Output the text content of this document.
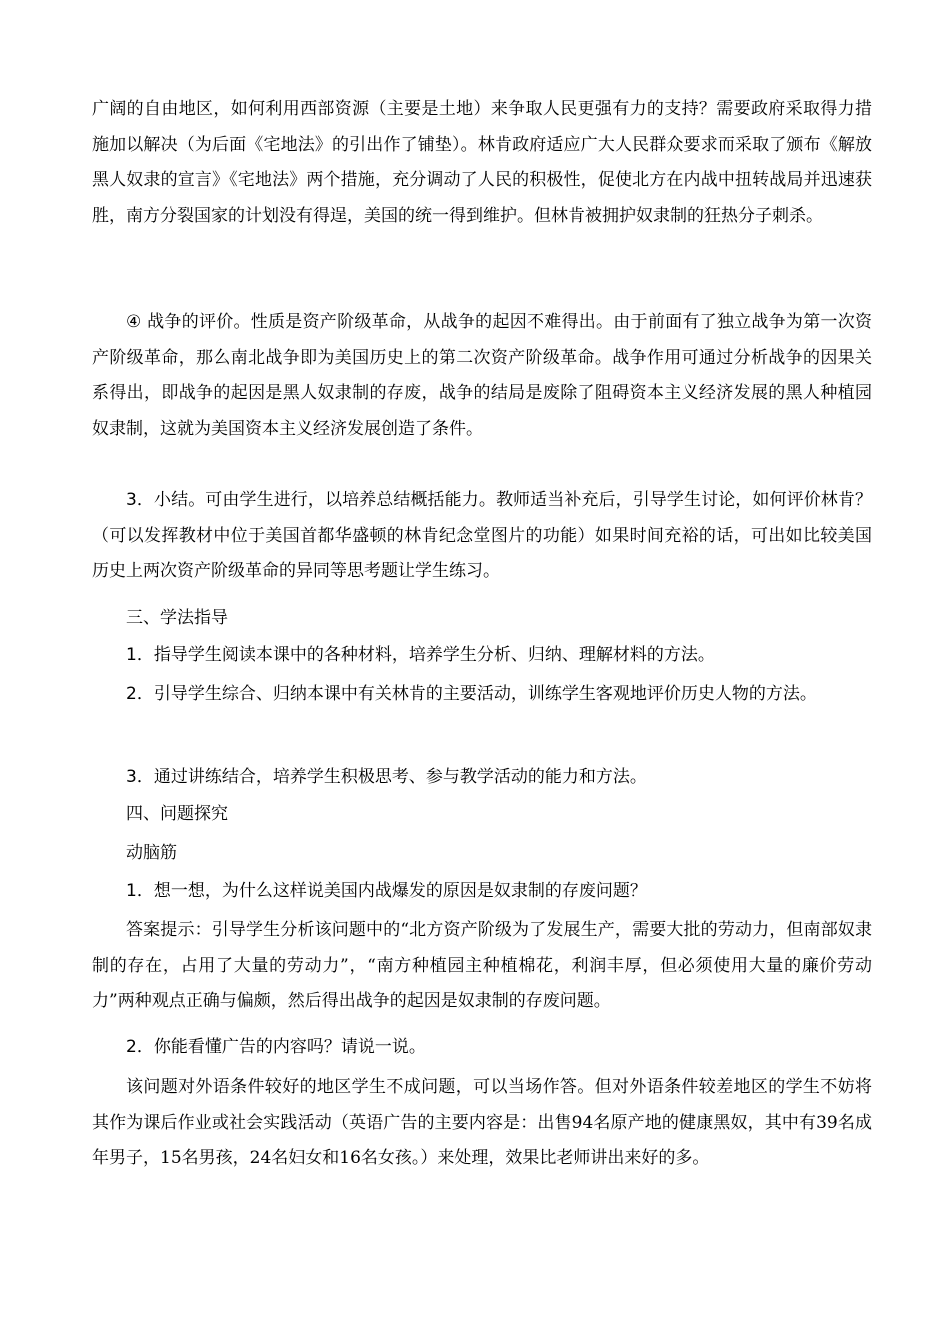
广阔的自由地区，如何利用西部资源（主要是土地）来争取人民更强有力的支持？需要政府采取得力措施加以解决（为后面《宅地法》的引出作了铺垫）。林肯政府适应广大人民群众要求而采取了颁布《解放黑人奴隶的宣言》《宅地法》两个措施，充分调动了人民的积极性，促使北方在内战中扭转战局并迅速获胜，南方分裂国家的计划没有得逞，美国的统一得到维护。但林肯被拥护奴隶制的狂热分子刺杀。

④ 战争的评价。性质是资产阶级革命，从战争的起因不难得出。由于前面有了独立战争为第一次资产阶级革命，那么南北战争即为美国历史上的第二次资产阶级革命。战争作用可通过分析战争的因果关系得出，即战争的起因是黑人奴隶制的存废，战争的结局是废除了阻碍资本主义经济发展的黑人种植园奴隶制，这就为美国资本主义经济发展创造了条件。

3．小结。可由学生进行，以培养总结概括能力。教师适当补充后，引导学生讨论，如何评价林肯？（可以发挥教材中位于美国首都华盛顿的林肯纪念堂图片的功能）如果时间充裕的话，可出如比较美国历史上两次资产阶级革命的异同等思考题让学生练习。

三、学法指导

1．指导学生阅读本课中的各种材料，培养学生分析、归纳、理解材料的方法。

2．引导学生综合、归纳本课中有关林肯的主要活动，训练学生客观地评价历史人物的方法。

3．通过讲练结合，培养学生积极思考、参与教学活动的能力和方法。

四、问题探究

动脑筋

1．想一想，为什么这样说美国内战爆发的原因是奴隶制的存废问题？

答案提示：引导学生分析该问题中的“北方资产阶级为了发展生产，需要大批的劳动力，但南部奴隶制的存在，占用了大量的劳动力”，“南方种植园主种植棉花，利润丰厚，但必须使用大量的廉价劳动力”两种观点正确与偏颇，然后得出战争的起因是奴隶制的存废问题。

2．你能看懂广告的内容吗？请说一说。

该问题对外语条件较好的地区学生不成问题，可以当场作答。但对外语条件较差地区的学生不妨将其作为课后作业或社会实践活动（英语广告的主要内容是：出售94名原产地的健康黑奴，其中有39名成年男子，15名男孩，24名妇女和16名女孩。）来处理，效果比老师讲出来好的多。
